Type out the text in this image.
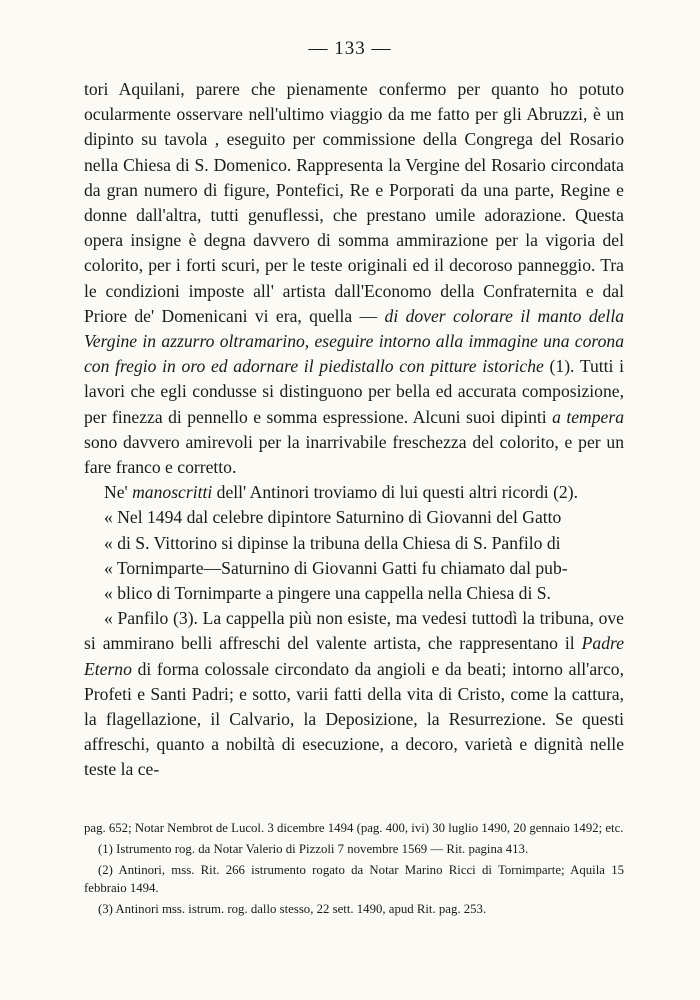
— 133 —

tori Aquilani, parere che pienamente confermo per quanto ho potuto ocularmente osservare nell'ultimo viaggio da me fatto per gli Abruzzi, è un dipinto su tavola , eseguito per commissione della Congrega del Rosario nella Chiesa di S. Domenico. Rappresenta la Vergine del Rosario circondata da gran numero di figure, Pontefici, Re e Porporati da una parte, Regine e donne dall'altra, tutti genuflessi, che prestano umile adorazione. Questa opera insigne è degna davvero di somma ammirazione per la vigoria del colorito, per i forti scuri, per le teste originali ed il decoroso panneggio. Tra le condizioni imposte all' artista dall'Economo della Confraternita e dal Priore de' Domenicani vi era, quella — di dover colorare il manto della Vergine in azzurro oltramarino, eseguire intorno alla immagine una corona con fregio in oro ed adornare il piedistallo con pitture istoriche (1). Tutti i lavori che egli condusse si distinguono per bella ed accurata composizione, per finezza di pennello e somma espressione. Alcuni suoi dipinti a tempera sono davvero amirevoli per la inarrivabile freschezza del colorito, e per un fare franco e corretto.

Ne' manoscritti dell' Antinori troviamo di lui questi altri ricordi (2).

« Nel 1494 dal celebre dipintore Saturnino di Giovanni del Gatto

« di S. Vittorino si dipinse la tribuna della Chiesa di S. Panfilo di

« Tornimparte—Saturnino di Giovanni Gatti fu chiamato dal pub-

« blico di Tornimparte a pingere una cappella nella Chiesa di S.

« Panfilo (3). La cappella più non esiste, ma vedesi tuttodì la tribuna, ove si ammirano belli affreschi del valente artista, che rappresentano il Padre Eterno di forma colossale circondato da angioli e da beati; intorno all'arco, Profeti e Santi Padri; e sotto, varii fatti della vita di Cristo, come la cattura, la flagellazione, il Calvario, la Deposizione, la Resurrezione. Se questi affreschi, quanto a nobiltà di esecuzione, a decoro, varietà e dignità nelle teste la ce-

pag. 652; Notar Nembrot de Lucol. 3 dicembre 1494 (pag. 400, ivi) 30 luglio 1490, 20 gennaio 1492; etc.

(1) Istrumento rog. da Notar Valerio di Pizzoli 7 novembre 1569 — Rit. pagina 413.

(2) Antinori, mss. Rit. 266 istrumento rogato da Notar Marino Ricci di Tornimparte; Aquila 15 febbraio 1494.

(3) Antinori mss. istrum. rog. dallo stesso, 22 sett. 1490, apud Rit. pag. 253.
